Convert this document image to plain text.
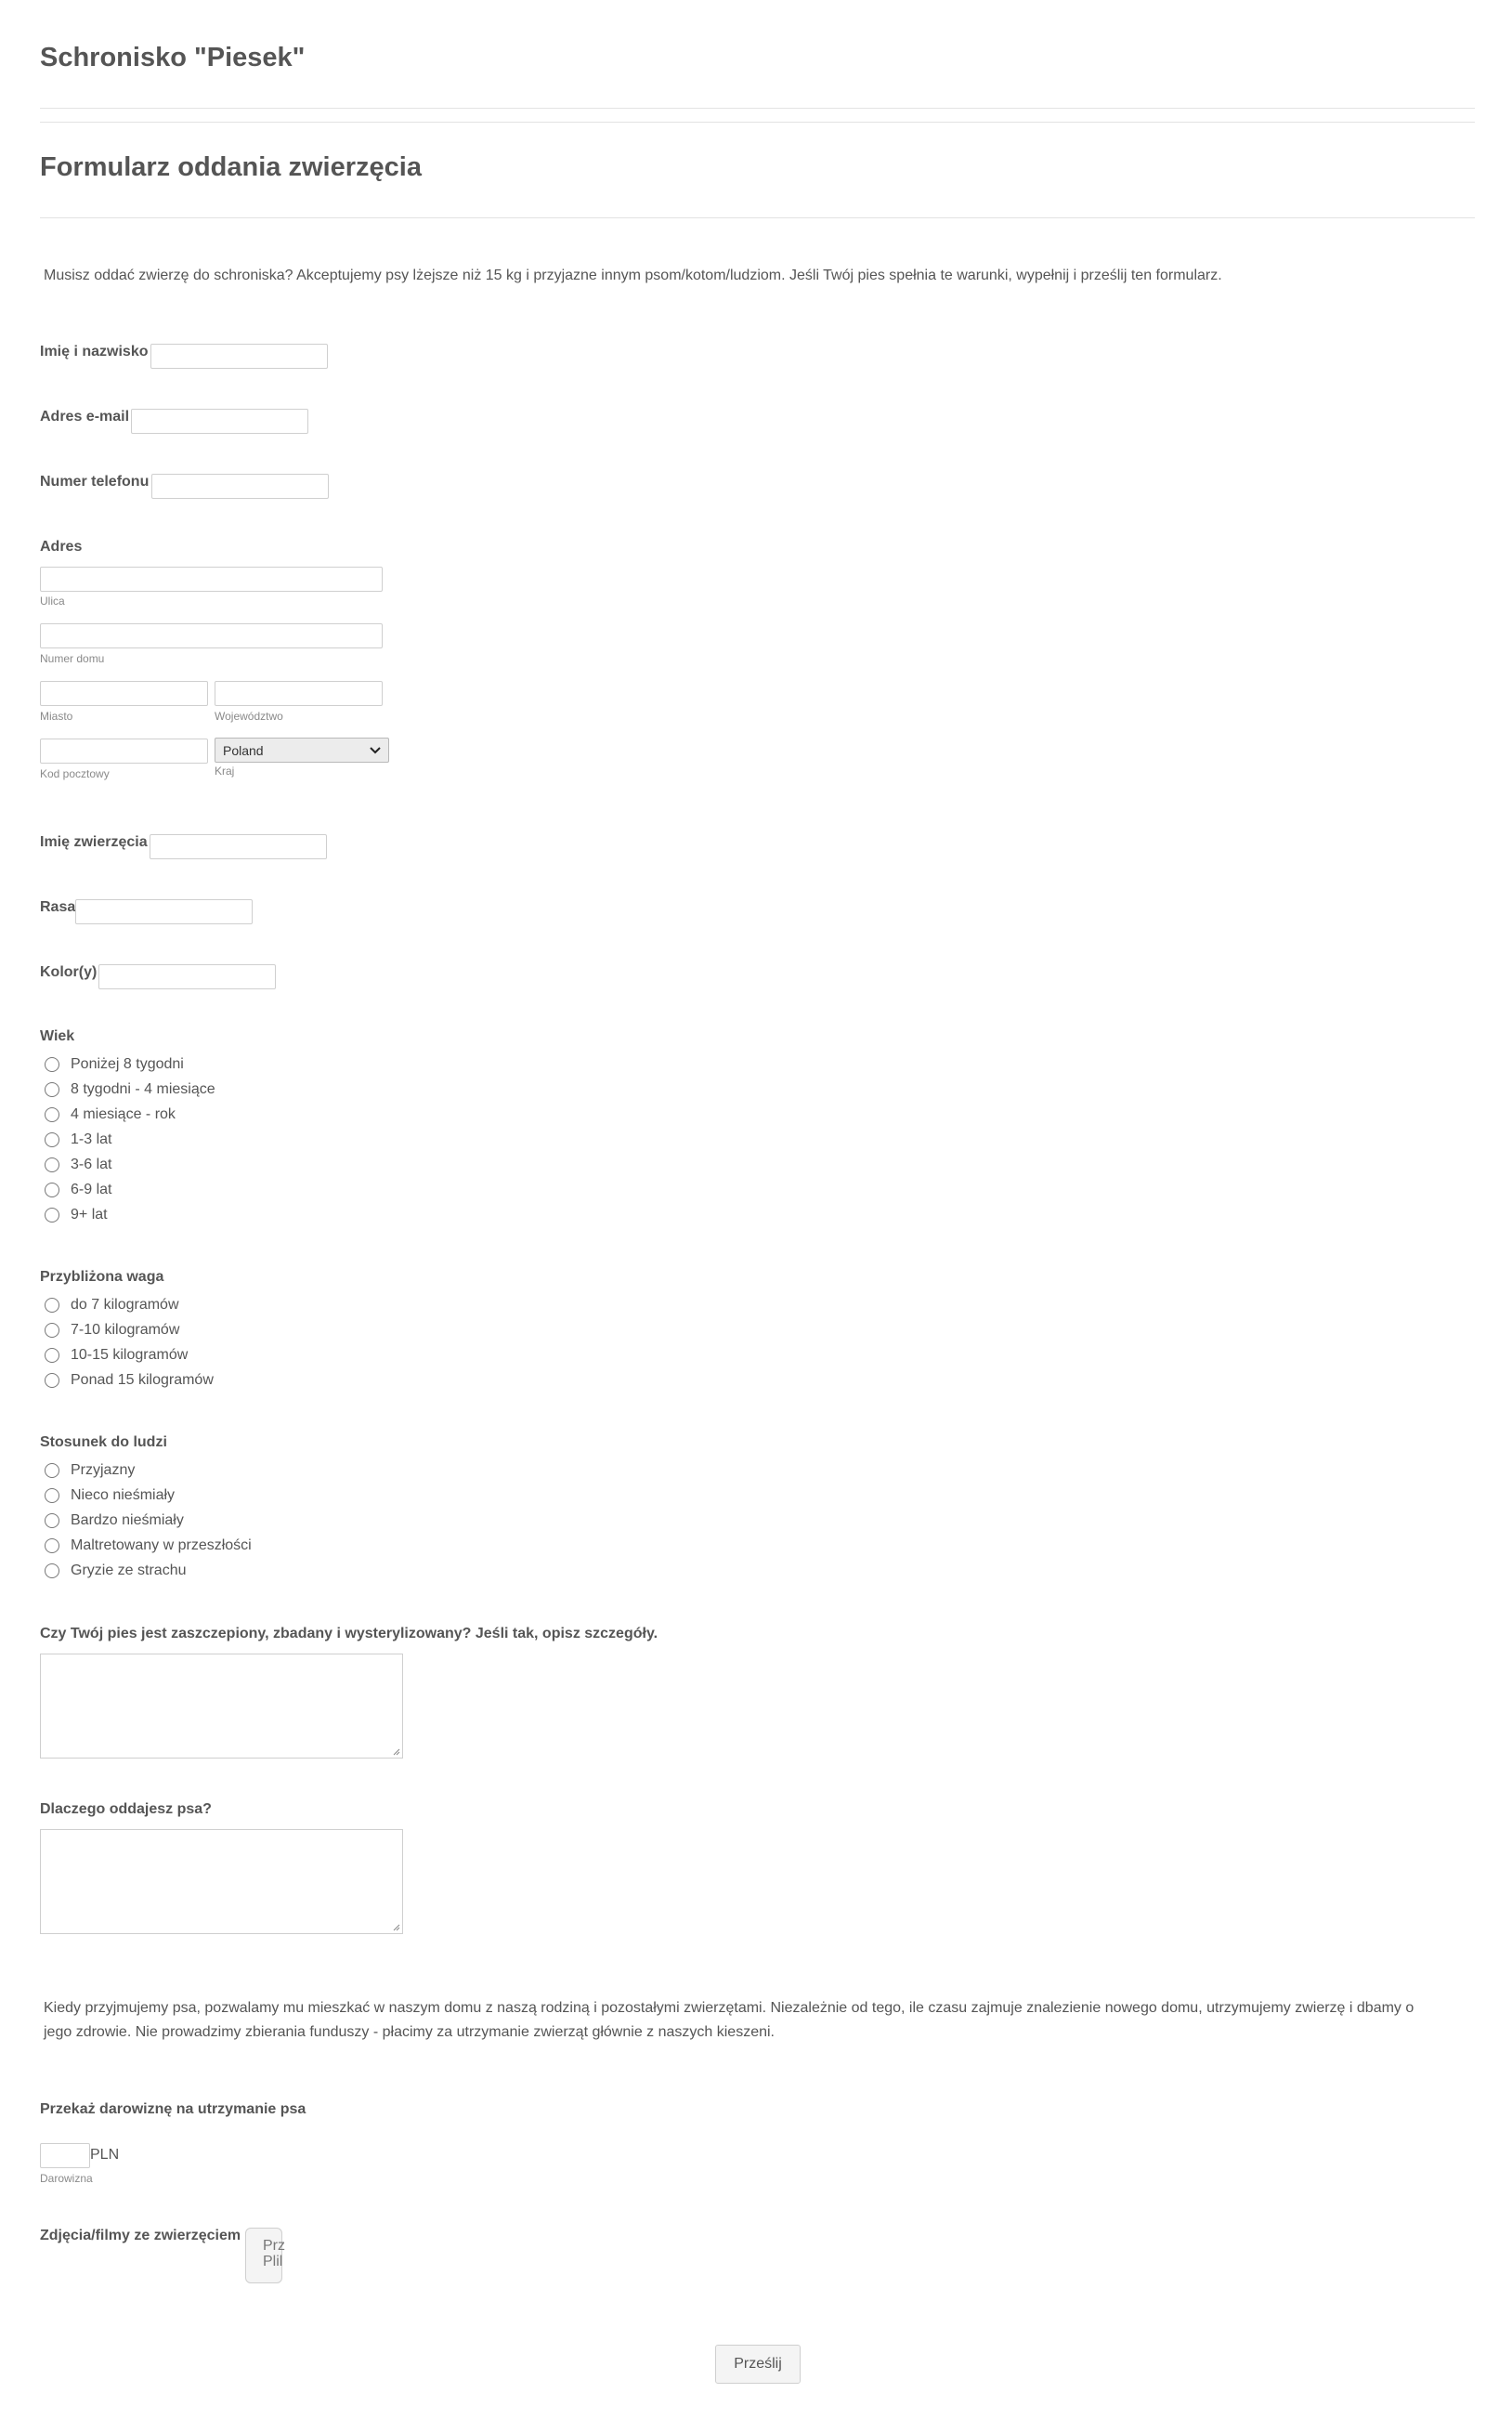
Schronisko "Piesek"
Formularz oddania zwierzęcia
Musisz oddać zwierzę do schroniska? Akceptujemy psy lżejsze niż 15 kg i przyjazne innym psom/kotom/ludziom. Jeśli Twój pies spełnia te warunki, wypełnij i prześlij ten formularz.
Imię i nazwisko
Adres e-mail
Numer telefonu
Adres
Ulica
Numer domu
Miasto	Województwo
Kod pocztowy
Poland
Kraj
Imię zwierzęcia
Rasa
Kolor(y)
Wiek
Poniżej 8 tygodni
8 tygodni - 4 miesiące
4 miesiące - rok
1-3 lat
3-6 lat
6-9 lat
9+ lat
Przybliżona waga
do 7 kilogramów
7-10 kilogramów
10-15 kilogramów
Ponad 15 kilogramów
Stosunek do ludzi
Przyjazny
Nieco nieśmiały
Bardzo nieśmiały
Maltretowany w przeszłości
Gryzie ze strachu
Czy Twój pies jest zaszczepiony, zbadany i wysterylizowany? Jeśli tak, opisz szczegóły.
Dlaczego oddajesz psa?
Kiedy przyjmujemy psa, pozwalamy mu mieszkać w naszym domu z naszą rodziną i pozostałymi zwierzętami. Niezależnie od tego, ile czasu zajmuje znalezienie nowego domu, utrzymujemy zwierzę i dbamy o
jego zdrowie. Nie prowadzimy zbierania funduszy - płacimy za utrzymanie zwierząt głównie z naszych kieszeni.
Przekaż darowiznę na utrzymanie psa
PLN
Darowizna
Zdjęcia/filmy ze zwierzęciem
Prz
Plil
Prześlij
